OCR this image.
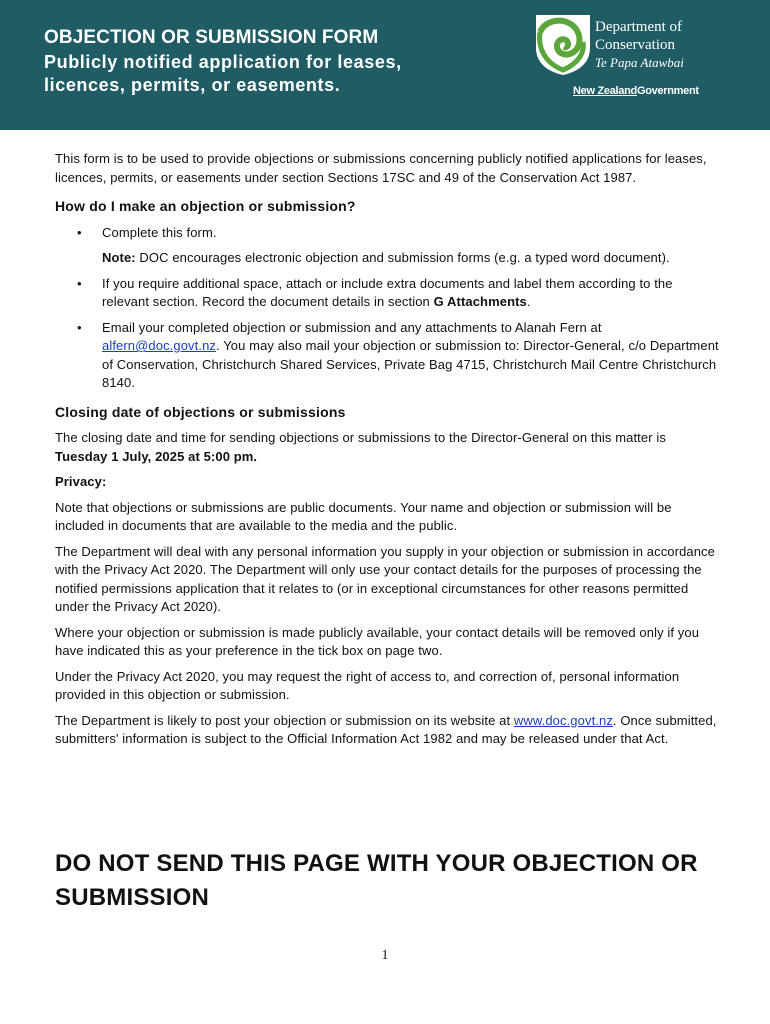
OBJECTION OR SUBMISSION FORM
Publicly notified application for leases, licences, permits, or easements.
Department of
Conservation
Te Papa Atawbai
New ZealandGovernment

This form is to be used to provide objections or submissions concerning publicly notified applications for leases, licences, permits, or easements under section Sections 17SC and 49 of the Conservation Act 1987.

How do I make an objection or submission?
• Complete this form.

Note: DOC encourages electronic objection and submission forms (e.g. a typed word document).

• If you require additional space, attach or include extra documents and label them according to the relevant section. Record the document details in section G Attachments.

• Email your completed objection or submission and any attachments to Alanah Fern at alfern@doc.govt.nz. You may also mail your objection or submission to: Director-General, c/o Department of Conservation, Christchurch Shared Services, Private Bag 4715, Christchurch Mail Centre Christchurch 8140.

Closing date of objections or submissions

The closing date and time for sending objections or submissions to the Director-General on this matter is Tuesday 1 July, 2025 at 5:00 pm.

Privacy:

Note that objections or submissions are public documents. Your name and objection or submission will be included in documents that are available to the media and the public.

The Department will deal with any personal information you supply in your objection or submission in accordance with the Privacy Act 2020. The Department will only use your contact details for the purposes of processing the notified permissions application that it relates to (or in exceptional circumstances for other reasons permitted under the Privacy Act 2020).

Where your objection or submission is made publicly available, your contact details will be removed only if you have indicated this as your preference in the tick box on page two.

Under the Privacy Act 2020, you may request the right of access to, and correction of, personal information provided in this objection or submission.

The Department is likely to post your objection or submission on its website at www.doc.govt.nz. Once submitted, submitters' information is subject to the Official Information Act 1982 and may be released under that Act.

DO NOT SEND THIS PAGE WITH YOUR OBJECTION OR SUBMISSION
1
